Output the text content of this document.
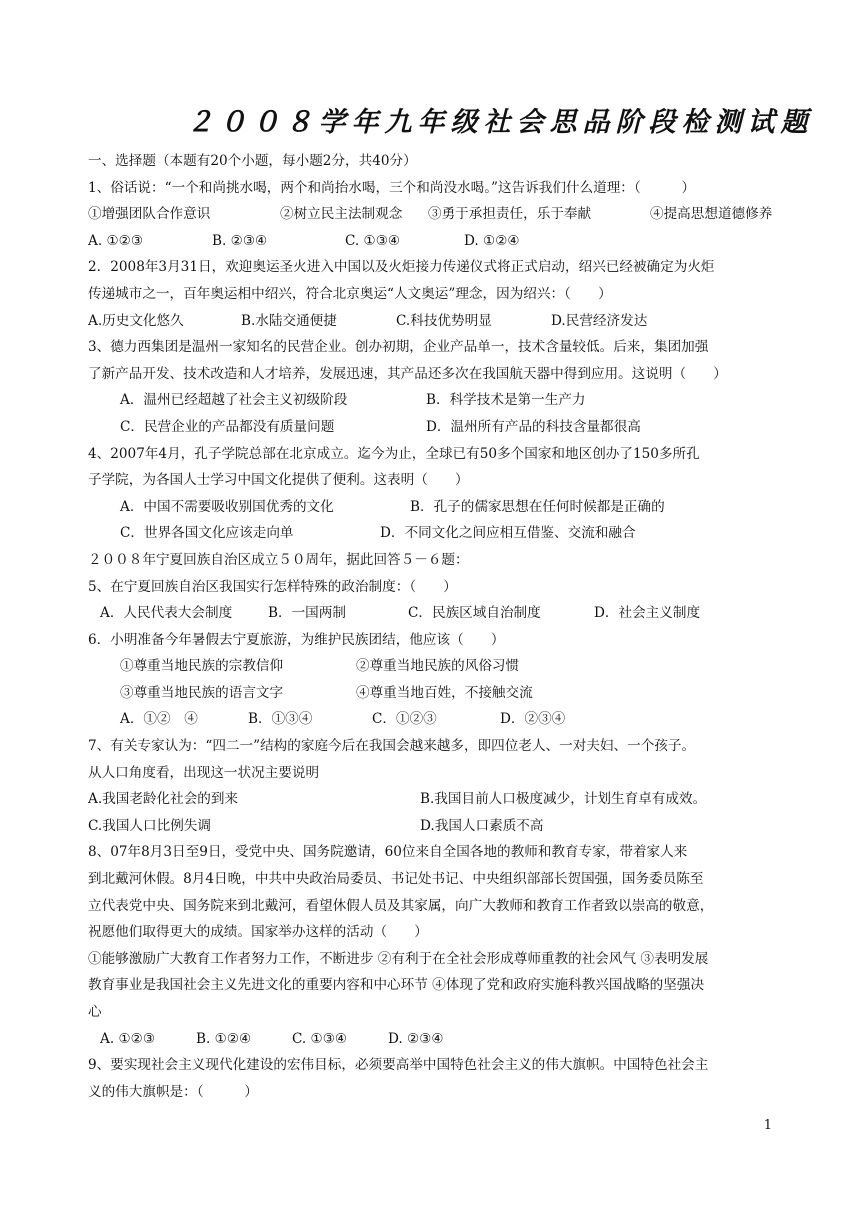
２００８学年九年级社会思品阶段检测试题
一、选择题（本题有20个小题，每小题2分，共40分）
1、俗话说：“一个和尚挑水喝，两个和尚抬水喝，三个和尚没水喝。”这告诉我们什么道理：（　　　）
①增强团队合作意识	②树立民主法制观念 ③勇于承担责任，乐于奉献	④提高思想道德修养
A. ①②③	B. ②③④	C. ①③④	D. ①②④
2．2008年3月31日，欢迎奥运圣火进入中国以及火炬接力传递仪式将正式启动，绍兴已经被确定为火炬
传递城市之一，百年奥运相中绍兴，符合北京奥运“人文奥运”理念，因为绍兴：（　　）
A.历史文化悠久	B.水陆交通便捷	C.科技优势明显	D.民营经济发达
3、德力西集团是温州一家知名的民营企业。创办初期，企业产品单一，技术含量较低。后来，集团加强
了新产品开发、技术改造和人才培养，发展迅速，其产品还多次在我国航天器中得到应用。这说明（　　）
A．温州已经超越了社会主义初级阶段	B．科学技术是第一生产力
C．民营企业的产品都没有质量问题	D．温州所有产品的科技含量都很高
4、2007年4月，孔子学院总部在北京成立。迄今为止，全球已有50多个国家和地区创办了150多所孔
子学院，为各国人士学习中国文化提供了便利。这表明（　　）
A．中国不需要吸收别国优秀的文化	B．孔子的儒家思想在任何时候都是正确的
C．世界各国文化应该走向单	D．不同文化之间应相互借鉴、交流和融合
２００８年宁夏回族自治区成立５０周年，据此回答５－６题：
5、在宁夏回族自治区我国实行怎样特殊的政治制度：（　　）
A．人民代表大会制度	B．一国两制	C．民族区域自治制度	D．社会主义制度
6．小明准备今年暑假去宁夏旅游，为维护民族团结，他应该（　　）
①尊重当地民族的宗教信仰	②尊重当地民族的风俗习惯
③尊重当地民族的语言文字	④尊重当地百姓，不接触交流
A．①②　④	B．①③④	C．①②③	D．②③④
7、有关专家认为：“四二一”结构的家庭今后在我国会越来越多，即四位老人、一对夫妇、一个孩子。
从人口角度看，出现这一状况主要说明
A.我国老龄化社会的到来	B.我国目前人口极度减少，计划生育卓有成效。
C.我国人口比例失调	D.我国人口素质不高
8、07年8月3日至9日，受党中央、国务院邀请，60位来自全国各地的教师和教育专家，带着家人来
到北戴河休假。8月4日晚，中共中央政治局委员、书记处书记、中央组织部部长贺国强，国务委员陈至
立代表党中央、国务院来到北戴河，看望休假人员及其家属，向广大教师和教育工作者致以崇高的敬意，
祝愿他们取得更大的成绩。国家举办这样的活动（　　）
①能够激励广大教育工作者努力工作，不断进步 ②有利于在全社会形成尊师重教的社会风气 ③表明发展
教育事业是我国社会主义先进文化的重要内容和中心环节 ④体现了党和政府实施科教兴国战略的坚强决
心
A. ①②③	B. ①②④	C. ①③④	D. ②③④
9、要实现社会主义现代化建设的宏伟目标，必须要高举中国特色社会主义的伟大旗帜。中国特色社会主
义的伟大旗帜是：（　　　）
1
